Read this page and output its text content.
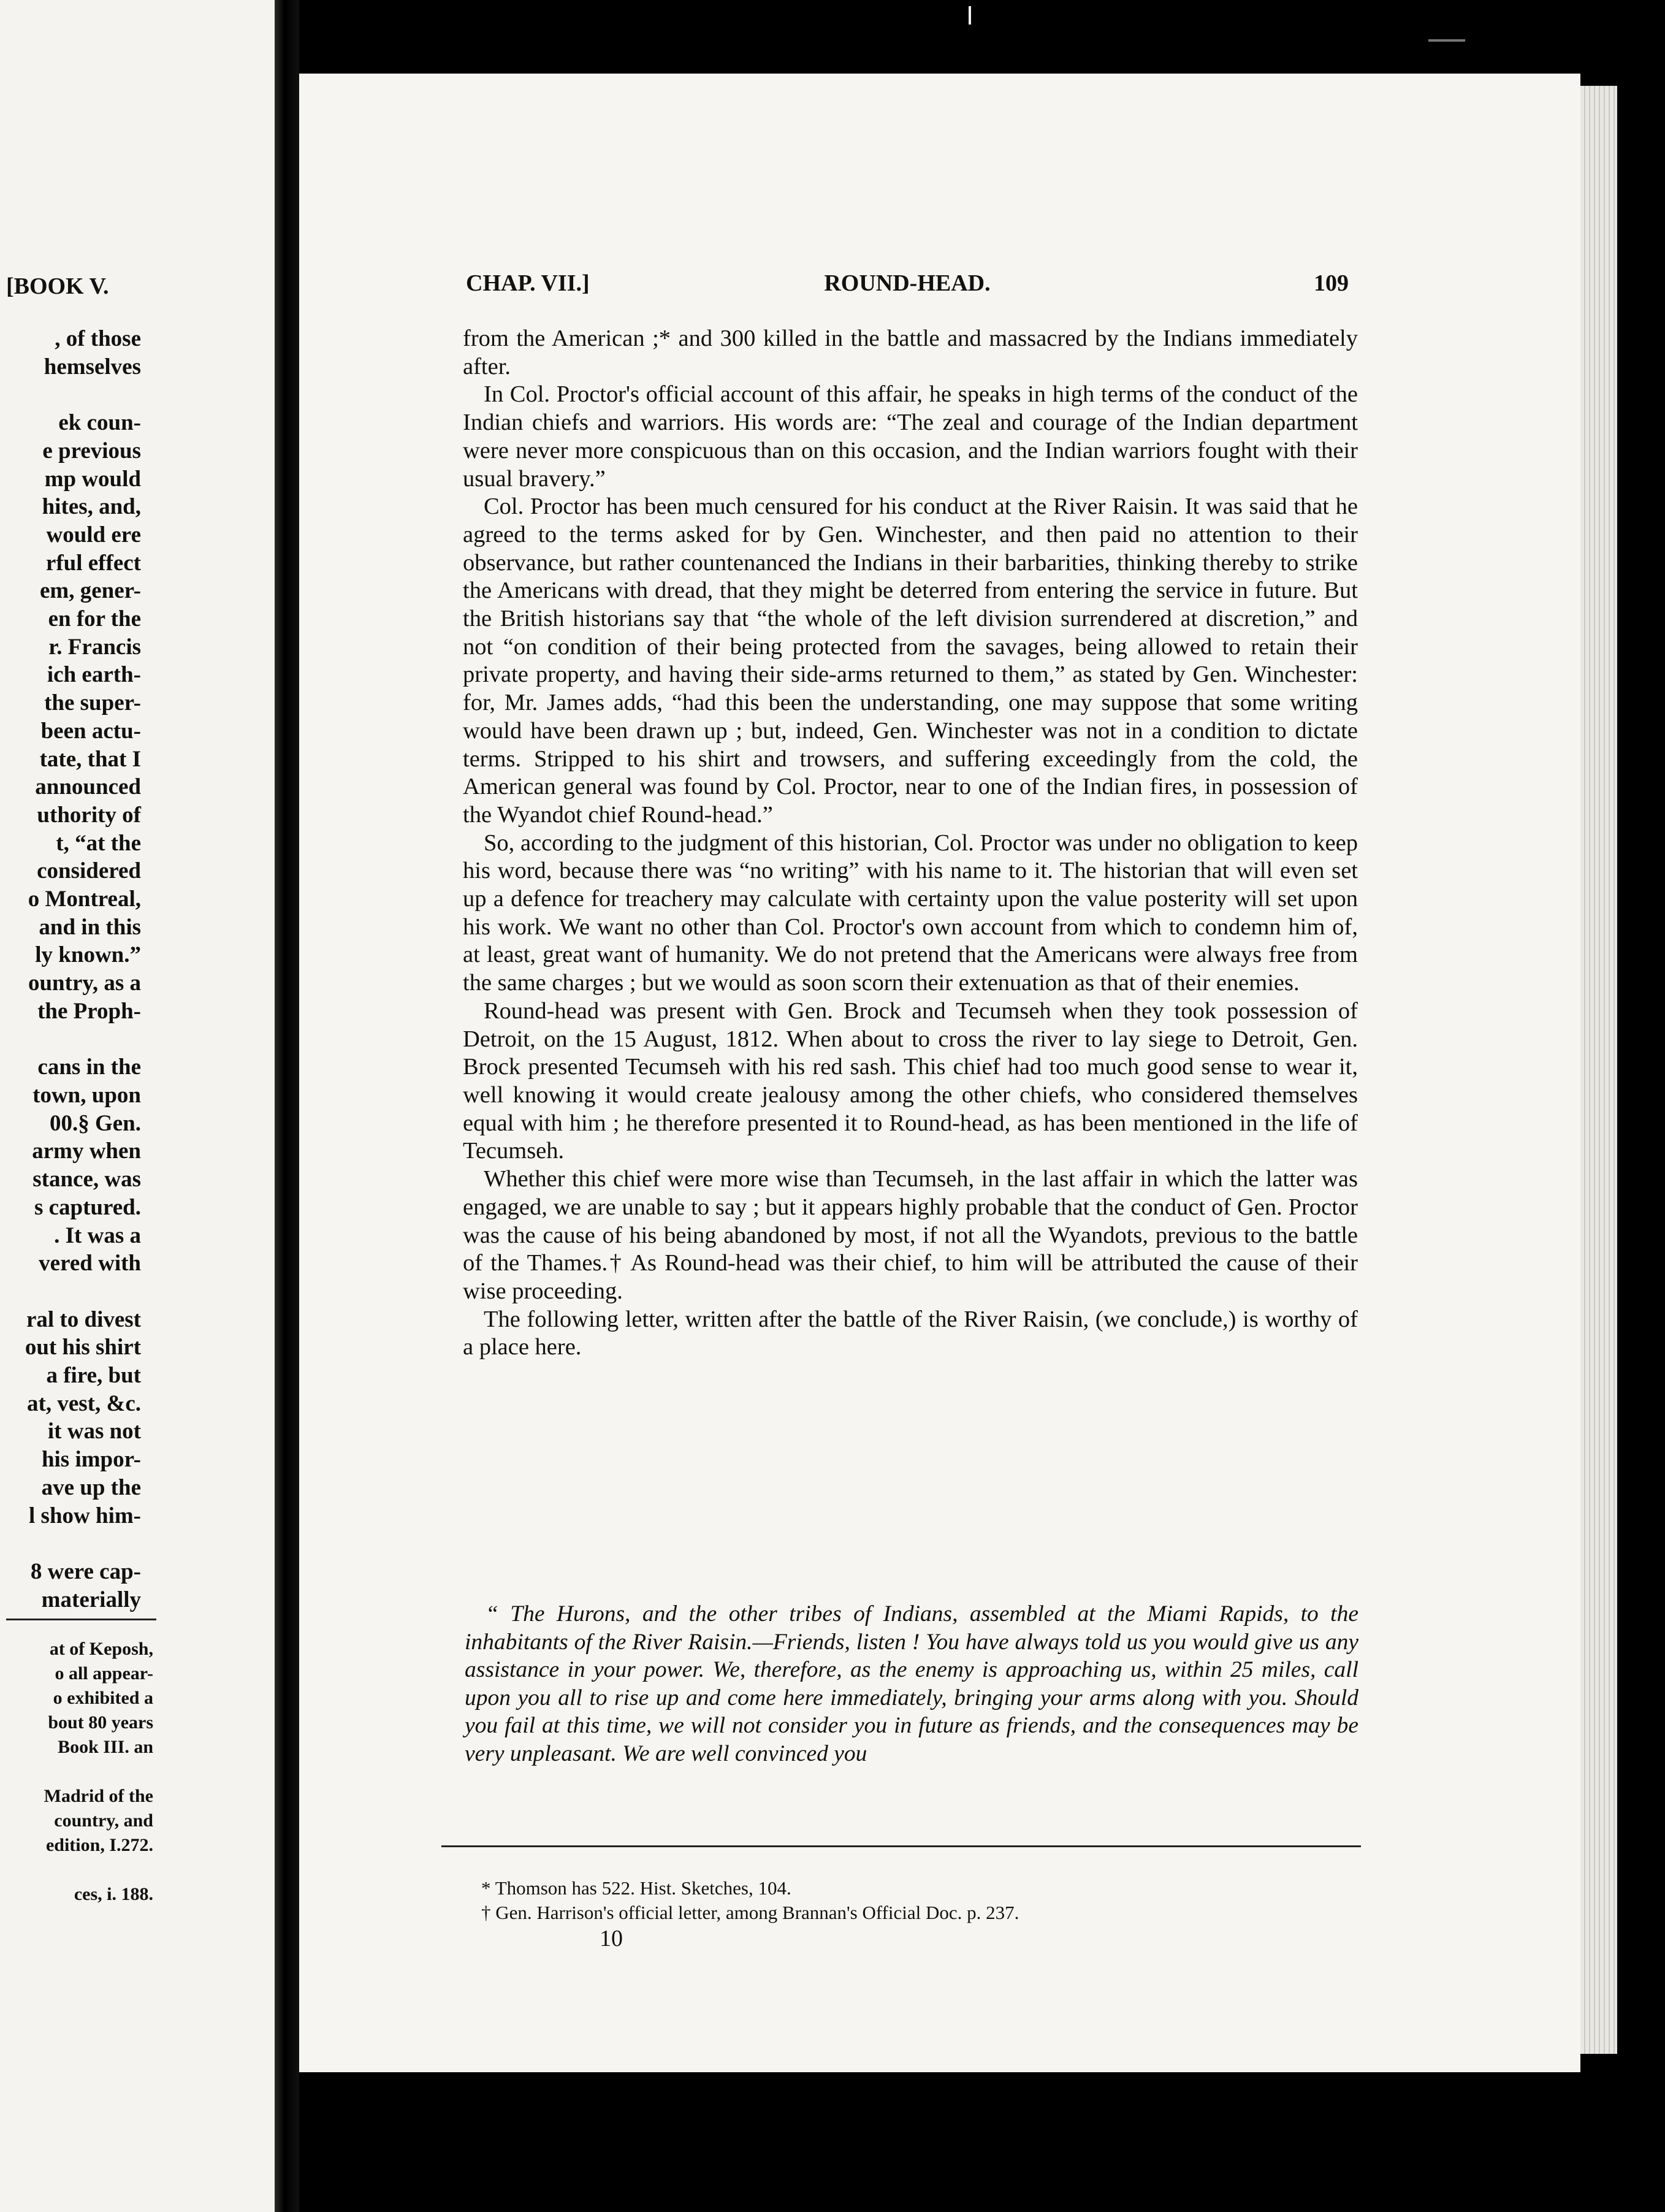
[BOOK V.
, of those
hemselves

ek coun-
e previous
mp would
hites, and,
would ere
rful effect
em, gener-
en for the
r. Francis
ich earth-
the super-
been actu-
tate, that I
announced
uthority of
t, “at the
considered
o Montreal,
and in this
ly known.”
ountry, as a
the Proph-

cans in the
town, upon
00.§ Gen.
army when
stance, was
s captured.
. It was a
vered with

ral to divest
out his shirt
a fire, but
at, vest, &c.
it was not
his impor-
ave up the
l show him-

8 were cap-
materially
at of Keposh,
o all appear-
o exhibited a
bout 80 years
Book III. an

Madrid of the
country, and
edition, I.272.

ces, i. 188.
CHAP. VII.]	ROUND-HEAD.	109

from the American ;* and 300 killed in the battle and massacred by the Indians immediately after.

In Col. Proctor's official account of this affair, he speaks in high terms of the conduct of the Indian chiefs and warriors. His words are: “The zeal and courage of the Indian department were never more conspicuous than on this occasion, and the Indian warriors fought with their usual bravery.”

Col. Proctor has been much censured for his conduct at the River Raisin. It was said that he agreed to the terms asked for by Gen. Winchester, and then paid no attention to their observance, but rather countenanced the Indians in their barbarities, thinking thereby to strike the Americans with dread, that they might be deterred from entering the service in future. But the British historians say that “the whole of the left division surrendered at discretion,” and not “on condition of their being protected from the savages, being allowed to retain their private property, and having their side-arms returned to them,” as stated by Gen. Winchester: for, Mr. James adds, “had this been the understanding, one may suppose that some writing would have been drawn up ; but, indeed, Gen. Winchester was not in a condition to dictate terms. Stripped to his shirt and trowsers, and suffering exceedingly from the cold, the American general was found by Col. Proctor, near to one of the Indian fires, in possession of the Wyandot chief Round-head.”

So, according to the judgment of this historian, Col. Proctor was under no obligation to keep his word, because there was “no writing” with his name to it. The historian that will even set up a defence for treachery may calculate with certainty upon the value posterity will set upon his work. We want no other than Col. Proctor's own account from which to condemn him of, at least, great want of humanity. We do not pretend that the Americans were always free from the same charges ; but we would as soon scorn their extenuation as that of their enemies.

Round-head was present with Gen. Brock and Tecumseh when they took possession of Detroit, on the 15 August, 1812. When about to cross the river to lay siege to Detroit, Gen. Brock presented Tecumseh with his red sash. This chief had too much good sense to wear it, well knowing it would create jealousy among the other chiefs, who considered themselves equal with him ; he therefore presented it to Round-head, as has been mentioned in the life of Tecumseh.

Whether this chief were more wise than Tecumseh, in the last affair in which the latter was engaged, we are unable to say ; but it appears highly probable that the conduct of Gen. Proctor was the cause of his being abandoned by most, if not all the Wyandots, previous to the battle of the Thames.† As Round-head was their chief, to him will be attributed the cause of their wise proceeding.

The following letter, written after the battle of the River Raisin, (we conclude,) is worthy of a place here.

“ The Hurons, and the other tribes of Indians, assembled at the Miami Rapids, to the inhabitants of the River Raisin.—Friends, listen ! You have always told us you would give us any assistance in your power. We, therefore, as the enemy is approaching us, within 25 miles, call upon you all to rise up and come here immediately, bringing your arms along with you. Should you fail at this time, we will not consider you in future as friends, and the consequences may be very unpleasant. We are well convinced you
* Thomson has 522. Hist. Sketches, 104.
† Gen. Harrison's official letter, among Brannan's Official Doc. p. 237.
10
